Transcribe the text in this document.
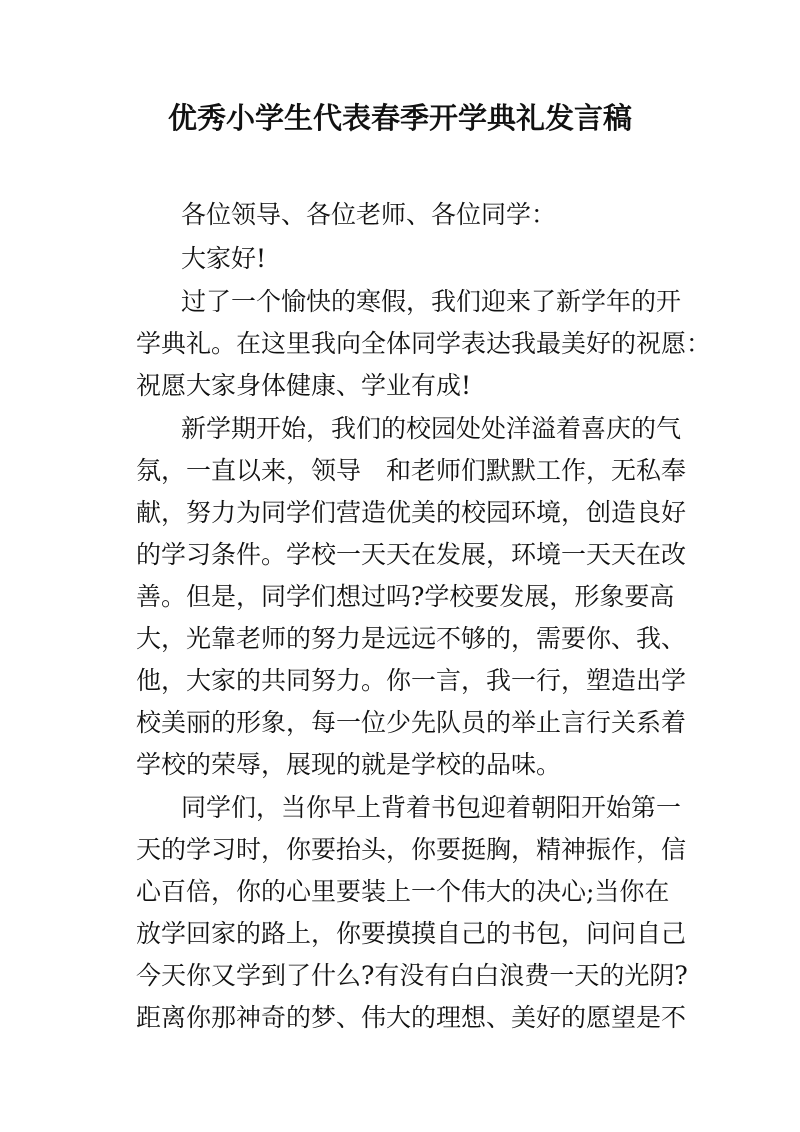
优秀小学生代表春季开学典礼发言稿
各位领导、各位老师、各位同学：
大家好!
过了一个愉快的寒假，我们迎来了新学年的开
学典礼。在这里我向全体同学表达我最美好的祝愿：
祝愿大家身体健康、学业有成!
新学期开始，我们的校园处处洋溢着喜庆的气
氛，一直以来，领导　和老师们默默工作，无私奉
献，努力为同学们营造优美的校园环境，创造良好
的学习条件。学校一天天在发展，环境一天天在改
善。但是，同学们想过吗?学校要发展，形象要高
大，光靠老师的努力是远远不够的，需要你、我、
他，大家的共同努力。你一言，我一行，塑造出学
校美丽的形象，每一位少先队员的举止言行关系着
学校的荣辱，展现的就是学校的品味。
同学们，当你早上背着书包迎着朝阳开始第一
天的学习时，你要抬头，你要挺胸，精神振作，信
心百倍，你的心里要装上一个伟大的决心;当你在
放学回家的路上，你要摸摸自己的书包，问问自己
今天你又学到了什么?有没有白白浪费一天的光阴?
距离你那神奇的梦、伟大的理想、美好的愿望是不
